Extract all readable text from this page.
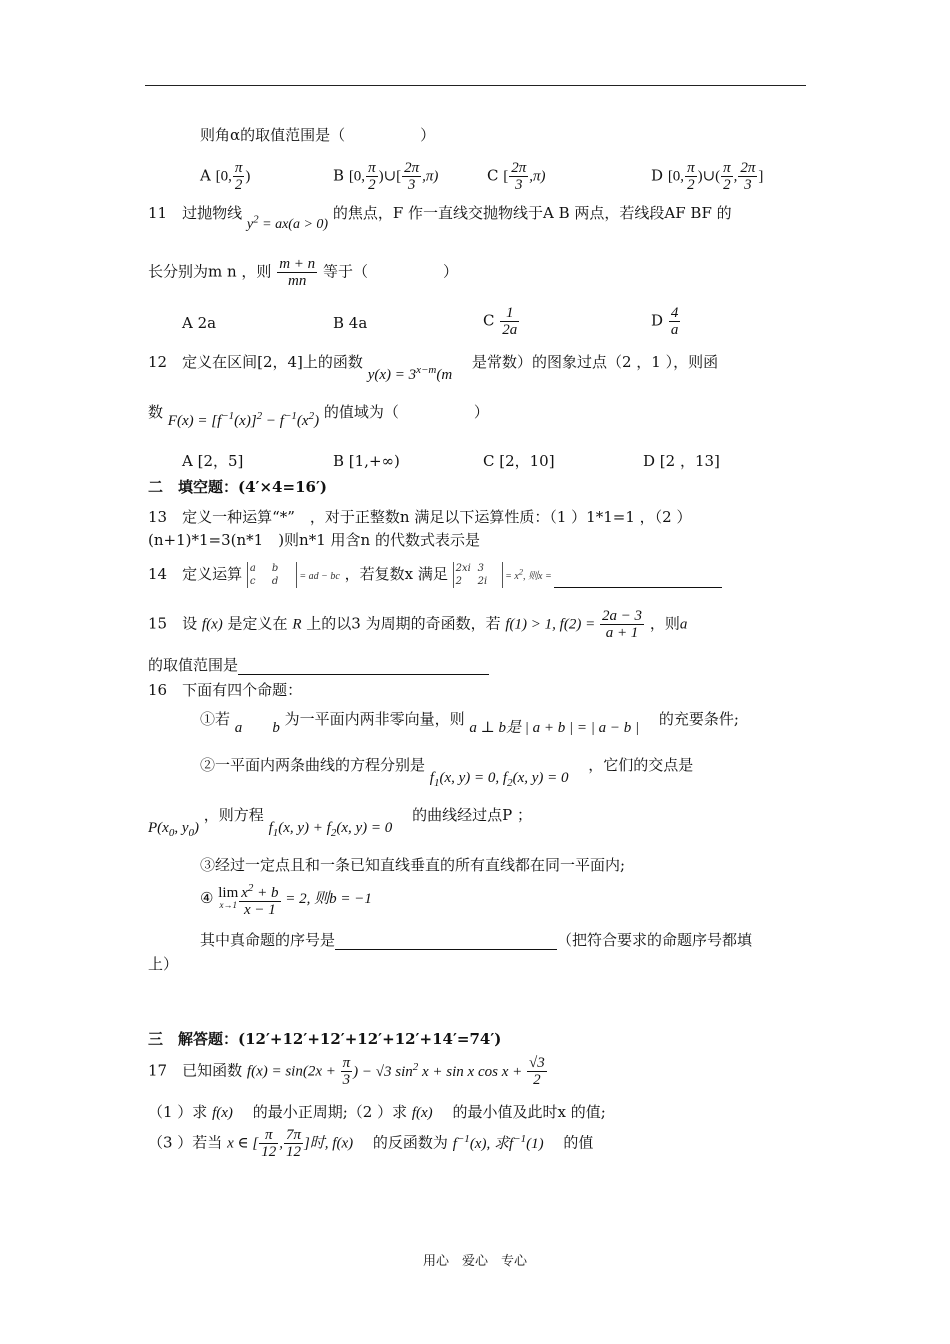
则角α的取值范围是（　　　　　）
A [0, $\frac{\pi}{2}$ )	B [0, $\frac{\pi}{2}$ )∪[ $\frac{2\pi}{3} ,\pi$)	C [ $\frac{2\pi}{3} ,\pi$)	D [0, $\frac{\pi}{2}$ )∪( $\frac{\pi}{2}$ , $\frac{2\pi}{3}$ ]
11　 过抛物线 $y^2 = ax(a > 0)$ 的焦点，F 作一直线交抛物线于A B 两点，若线段AF BF 的
长分别为m n ，则 $\frac{m + n}{mn}$ 等于（　　　　　）
A 2a	B 4a	C $\frac{1}{2a}$	D $\frac{4}{a}$
12　 定义在区间[2，4]上的函数 $y(x) = 3^{x-m}(m$ 　是常数）的图象过点（2 ，1 ），则函
数 $F(x) = [f^{-1}(x)]^2 - f^{-1}(x^2)$ 的值域为（　　　　　）
A [2，5]	B [1,+∞)	C [2，10]	D [2 ，13]
二　填空题：(4′×4=16′)
13　定义一种运算“*”　，对于正整数n 满足以下运算性质：（1 ）1*1=1 ，（2 ）
(n+1)*1=3(n*1　)则n*1 用含n 的代数式表示是
14　 定义运算 a b
c d = ad − bc ，若复数x 满足 2xi 3
2 $2i = x^2$, 则x =
15　 设 f(x) 是定义在 R 上的以3 为周期的奇函数，若 f(1) > 1, $f(2) = \frac{2a - 3}{a + 1}$ ，则a
的取值范围是
16　 下面有四个命题：
①若 a　　 b 为一平面内两非零向量，则 a ⊥ b是 | a + b | = | a − b | 　 的充要条件;
②一平面内两条曲线的方程分别是 $f_1(x$, y) = 0, $f_2(x$, y) = 0 　，它们的交点是
$P(x_0$, $y_0$) ，则方程 $f_1(x$, $y) + f_2(x$, y) = 0 　的曲线经过点P ；
③经过一定点且和一条已知直线垂直的所有直线都在同一平面内;
④ lim
$x\to 1 \frac{x^2 + b}{x - 1} = 2$, 则b = −1
其中真命题的序号是	（把符合要求的命题序号都填
上）
三　解答题：(12′+12′+12′+12′+12′+14′=74′)
17　 已知函数 $f(x) = \sin(2x + \frac{\pi}{3}$ ) − √3 $\sin^2 x + \sin x$ $\cos x + \frac{√3}{2}$
（1 ）求 f(x) 　 的最小正周期;（2 ）求 f(x) 　 的最小值及此时x 的值;
（3 ）若当 x ∈ [ $\frac{\pi}{12}$ , $\frac{7\pi}{12}$ ]时, f(x) 　 的反函数为 $f^{-1}(x)$, 求$f^{-1}(1)$ 　 的值
用心　爱心　专心
